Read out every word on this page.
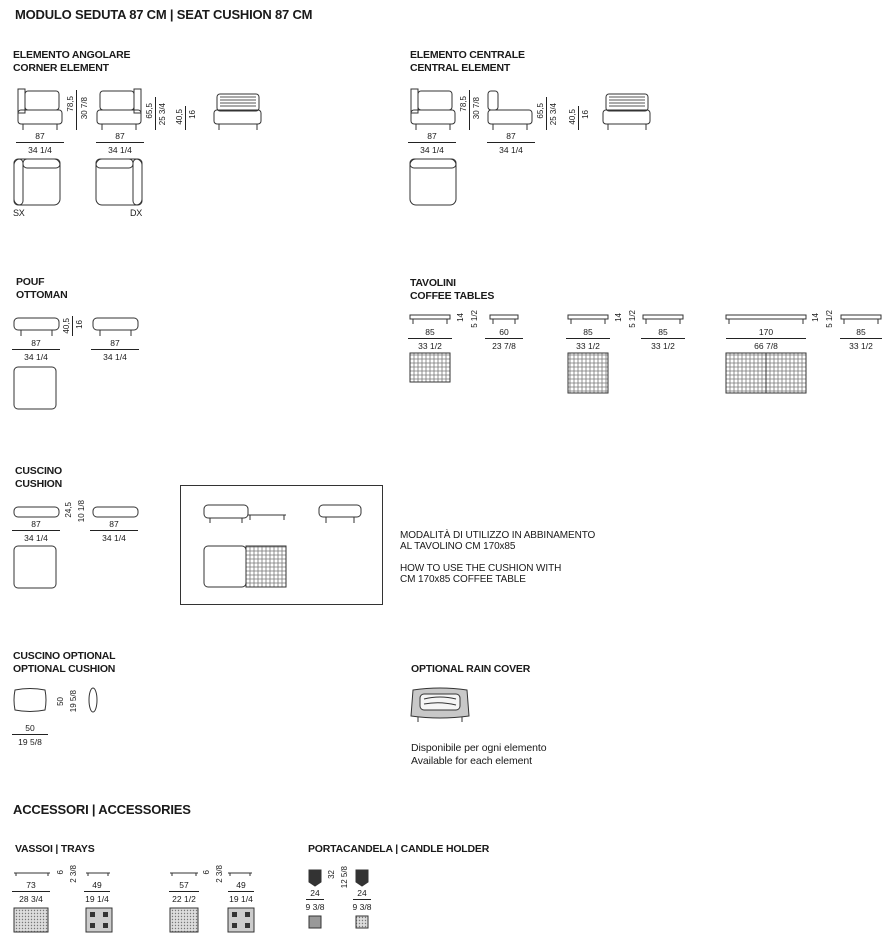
MODULO SEDUTA 87 CM | SEAT CUSHION 87 CM
ELEMENTO ANGOLARE
CORNER ELEMENT
78,5 30 7/8	65,5 25 3/4 40,5 16
87
34 1/4
87
34 1/4
SX	DX
ELEMENTO CENTRALE
CENTRAL ELEMENT
78,5 30 7/8	65,5 25 3/4 40,5 16
87
34 1/4
87
34 1/4
POUF
OTTOMAN
40,5 16
87
34 1/4
87
34 1/4
TAVOLINI
COFFEE TABLES
85
33 1/2
14 5 1/2
60
23 7/8
85
33 1/2
14 5 1/2
85
33 1/2
170
66 7/8
14 5 1/2
85
33 1/2
CUSCINO
CUSHION
24,5 10 1/8
87
34 1/4
87
34 1/4	MODALITÀ DI UTILIZZO IN ABBINAMENTO
AL TAVOLINO CM 170x85
HOW TO USE THE CUSHION WITH
CM 170x85 COFFEE TABLE
CUSCINO OPTIONAL
OPTIONAL CUSHION
50 19 5/8
50
19 5/8
OPTIONAL RAIN COVER
Disponibile per ogni elemento
Available for each element
ACCESSORI | ACCESSORIES
VASSOI | TRAYS
73
28 3/4
6 2 3/8
49
19 1/4
57
22 1/2
6 2 3/8
49
19 1/4
PORTACANDELA | CANDLE HOLDER
32 12 5/8
24
9 3/8
24
9 3/8
